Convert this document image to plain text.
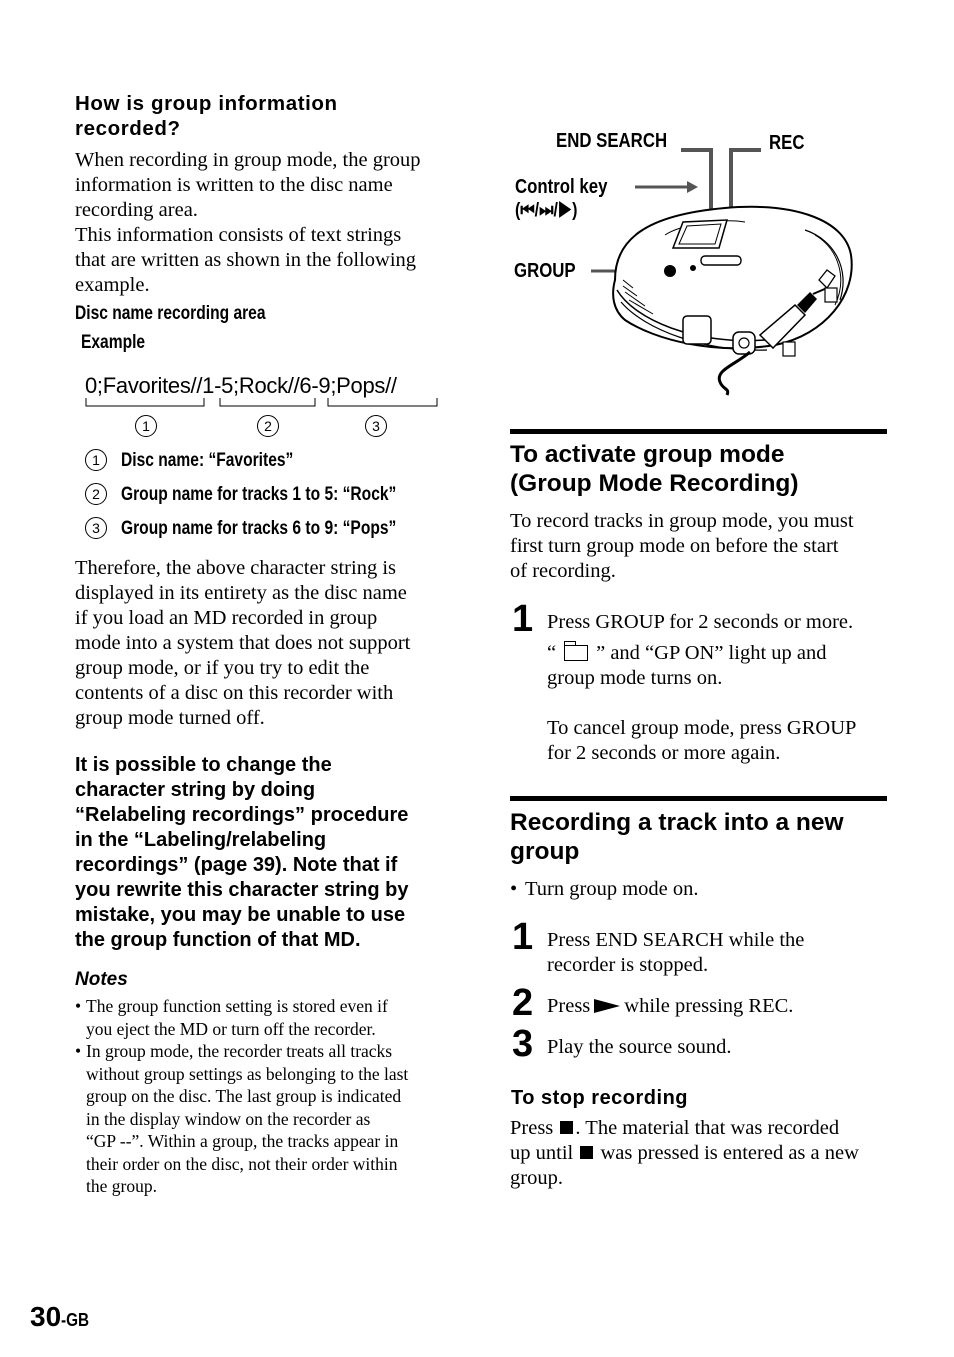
How is group information
recorded?
When recording in group mode, the group
information is written to the disc name
recording area.
This information consists of text strings
that are written as shown in the following
example.
Disc name recording area
Example
0;Favorites//1-5;Rock//6-9;Pops//
1	2	3
1 Disc name: “Favorites”
2 Group name for tracks 1 to 5: “Rock”
3 Group name for tracks 6 to 9: “Pops”
Therefore, the above character string is
displayed in its entirety as the disc name
if you load an MD recorded in group
mode into a system that does not support
group mode, or if you try to edit the
contents of a disc on this recorder with
group mode turned off.
It is possible to change the
character string by doing
“Relabeling recordings” procedure
in the “Labeling/relabeling
recordings” (page 39). Note that if
you rewrite this character string by
mistake, you may be unable to use
the group function of that MD.
Notes
• The group function setting is stored even if
you eject the MD or turn off the recorder.
• In group mode, the recorder treats all tracks
without group settings as belonging to the last
group on the disc. The last group is indicated
in the display window on the recorder as
“GP --”. Within a group, the tracks appear in
their order on the disc, not their order within
the group.
END SEARCH	REC
Control key
(⏮/⏭/▶)
GROUP
To activate group mode
(Group Mode Recording)
To record tracks in group mode, you must
first turn group mode on before the start
of recording.
1 Press GROUP for 2 seconds or more.
“ ” and “GP ON” light up and
group mode turns on.
To cancel group mode, press GROUP
for 2 seconds or more again.
Recording a track into a new
group
• Turn group mode on.
1 Press END SEARCH while the
recorder is stopped.
2 Press while pressing REC.
3 Play the source sound.
To stop recording
Press . The material that was recorded
up until was pressed is entered as a new
group.
30-GB
